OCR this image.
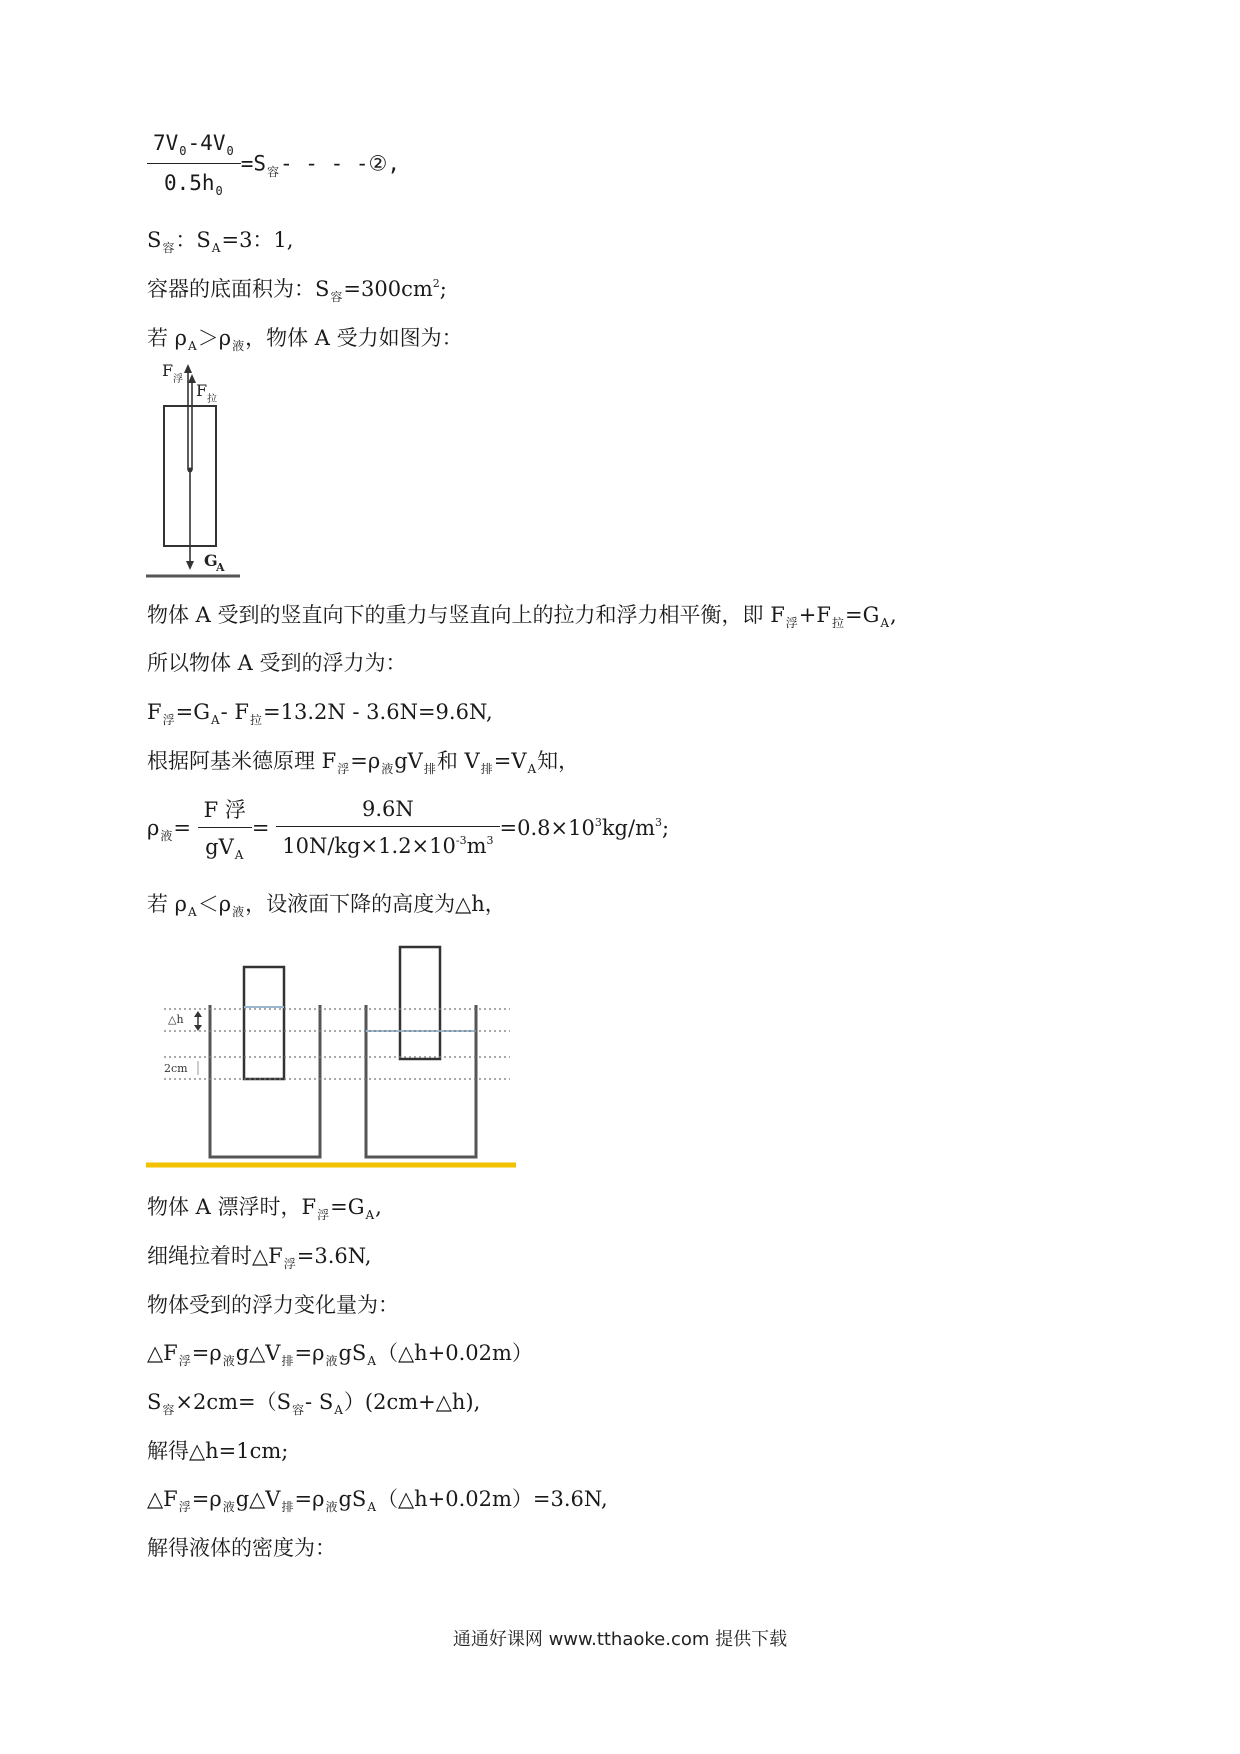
$\frac{7V_0-4V_0}{0.5h_0} =S_容-$ - - -②,
$S_容$：$S_A=3$：1,
容器的底面积为：$S_容=300cm^2$;
若 $\rho_A>\rho_液$，物体 A 受力如图为：
F 浮
F 拉
G
A
物体 A 受到的竖直向下的重力与竖直向上的拉力和浮力相平衡，即 $F_浮+F_拉=G_A$,
所以物体 A 受到的浮力为：
$F_浮=G_A-$ $F_拉=13.2N - 3.6N=9.6N$,
根据阿基米德原理 $F_浮=\rho_液gV_排$和 $V_排=V_A$知，
$\rho_液= \frac{\text{F 浮}}{gV_A} = \frac{9.6N}{10N/kg\times 1.2\times 10^{-3}m^3} =0.8\times 10^3kg/m^3$;
若 $\rho_A<\rho_液$，设液面下降的高度为△h，
△h
2cm
物体 A 漂浮时，$F_浮=G_A$,
细绳拉着时$\triangle F_浮=3.6N$,
物体受到的浮力变化量为：
$\triangle F_浮=\rho_液g\triangle V_排=\rho_液gS_A(\triangle h+0.02m)$
$S_容\times 2cm=(S_容-$ $S_A)(2cm+\triangle h)$,
解得△h=1cm;
$\triangle F_浮=\rho_液g\triangle V_排=\rho_液gS_A(\triangle h+0.02m)=3.6N$,
解得液体的密度为：
通通好课网 www.tthaoke.com 提供下载
